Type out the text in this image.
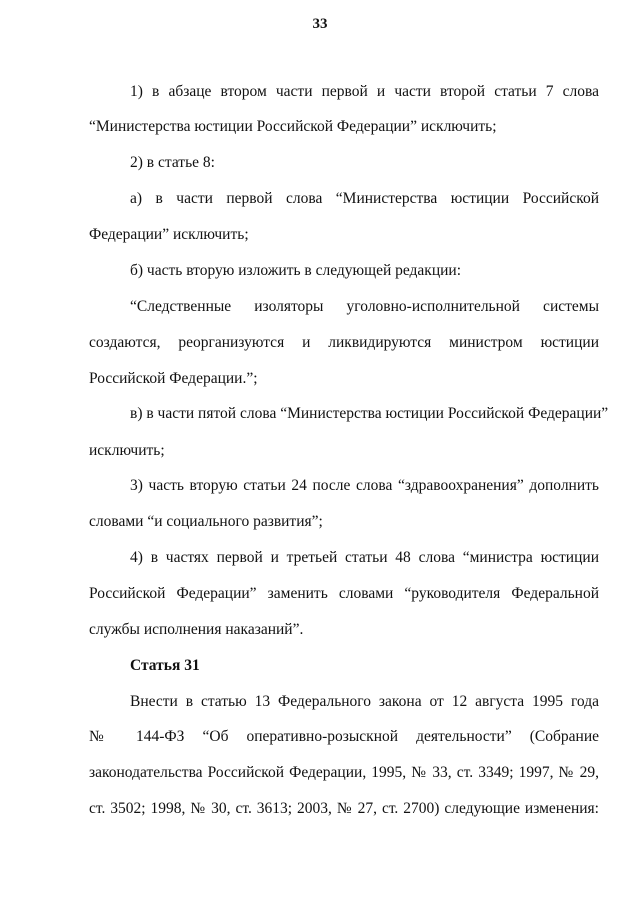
33
1) в абзаце втором части первой и части второй статьи 7 слова
“Министерства юстиции Российской Федерации” исключить;
2) в статье 8:
а) в части первой слова “Министерства юстиции Российской
Федерации” исключить;
б) часть вторую изложить в следующей редакции:
“Следственные изоляторы уголовно-исполнительной системы
создаются, реорганизуются и ликвидируются министром юстиции
Российской Федерации.”;
в) в части пятой слова “Министерства юстиции Российской Федерации”
исключить;
3) часть вторую статьи 24 после слова “здравоохранения” дополнить
словами “и социального развития”;
4) в частях первой и третьей статьи 48 слова “министра юстиции
Российской Федерации” заменить словами “руководителя Федеральной
службы исполнения наказаний”.
Статья 31
Внести в статью 13 Федерального закона от 12 августа 1995 года
№ 144-ФЗ “Об оперативно-розыскной деятельности” (Собрание
законодательства Российской Федерации, 1995, № 33, ст. 3349; 1997, № 29,
ст. 3502; 1998, № 30, ст. 3613; 2003, № 27, ст. 2700) следующие изменения:
